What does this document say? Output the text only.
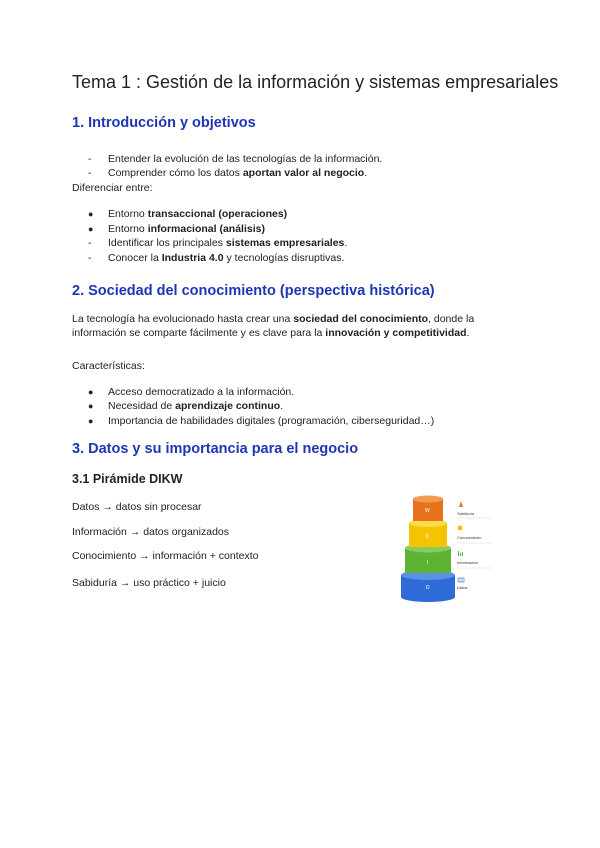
Tema 1 : Gestión de la información y sistemas empresariales
1. Introducción y objetivos
- Entender la evolución de las tecnologías de la información.
- Comprender cómo los datos aportan valor al negocio.
Diferenciar entre:
● Entorno transaccional (operaciones)
● Entorno informacional (análisis)
- Identificar los principales sistemas empresariales.
- Conocer la Industria 4.0 y tecnologías disruptivas.
2. Sociedad del conocimiento (perspectiva histórica)
La tecnología ha evolucionado hasta crear una sociedad del conocimiento, donde la
información se comparte fácilmente y es clave para la innovación y competitividad.
Características:
● Acceso democratizado a la información.
● Necesidad de aprendizaje continuo.
● Importancia de habilidades digitales (programación, ciberseguridad…)
3. Datos y su importancia para el negocio
3.1 Pirámide DIKW
Datos → datos sin procesar
Información → datos organizados
Conocimiento → información + contexto
Sabiduría → uso práctico + juicio	D
I
K
W	Sabiduría
Conocimiento
Información
Datos
